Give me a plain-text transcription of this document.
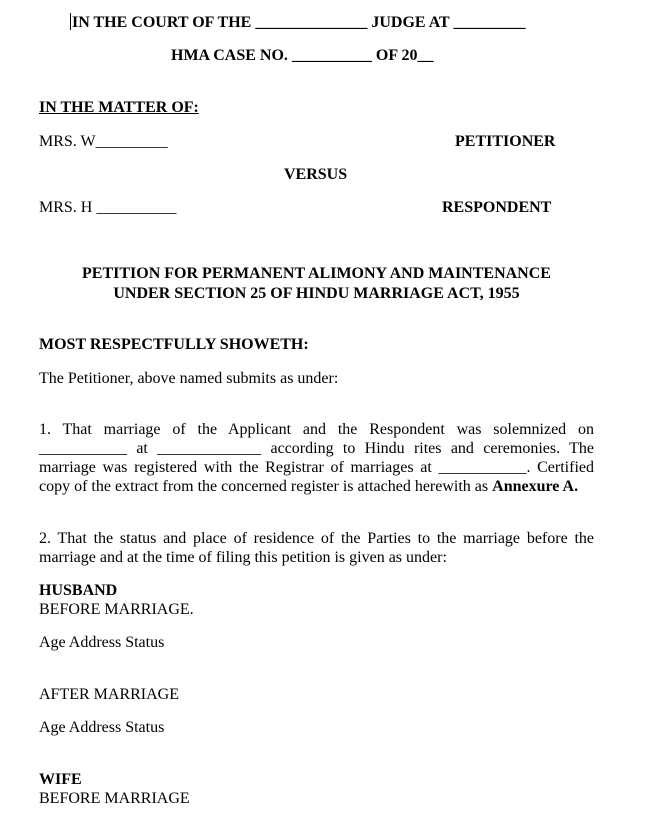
IN THE COURT OF THE ______________ JUDGE AT _________
HMA CASE NO. __________ OF 20__
IN THE MATTER OF:
MRS. W_________	PETITIONER
VERSUS
MRS. H __________	RESPONDENT
PETITION FOR PERMANENT ALIMONY AND MAINTENANCE
UNDER SECTION 25 OF HINDU MARRIAGE ACT, 1955
MOST RESPECTFULLY SHOWETH:
The Petitioner, above named submits as under:
1. That marriage of the Applicant and the Respondent was solemnized on ___________ at _____________ according to Hindu rites and ceremonies. The marriage was registered with the Registrar of marriages at ___________. Certified copy of the extract from the concerned register is attached herewith as Annexure A.
2. That the status and place of residence of the Parties to the marriage before the marriage and at the time of filing this petition is given as under:
HUSBAND
BEFORE MARRIAGE.
Age Address Status
AFTER MARRIAGE
Age Address Status
WIFE
BEFORE MARRIAGE
